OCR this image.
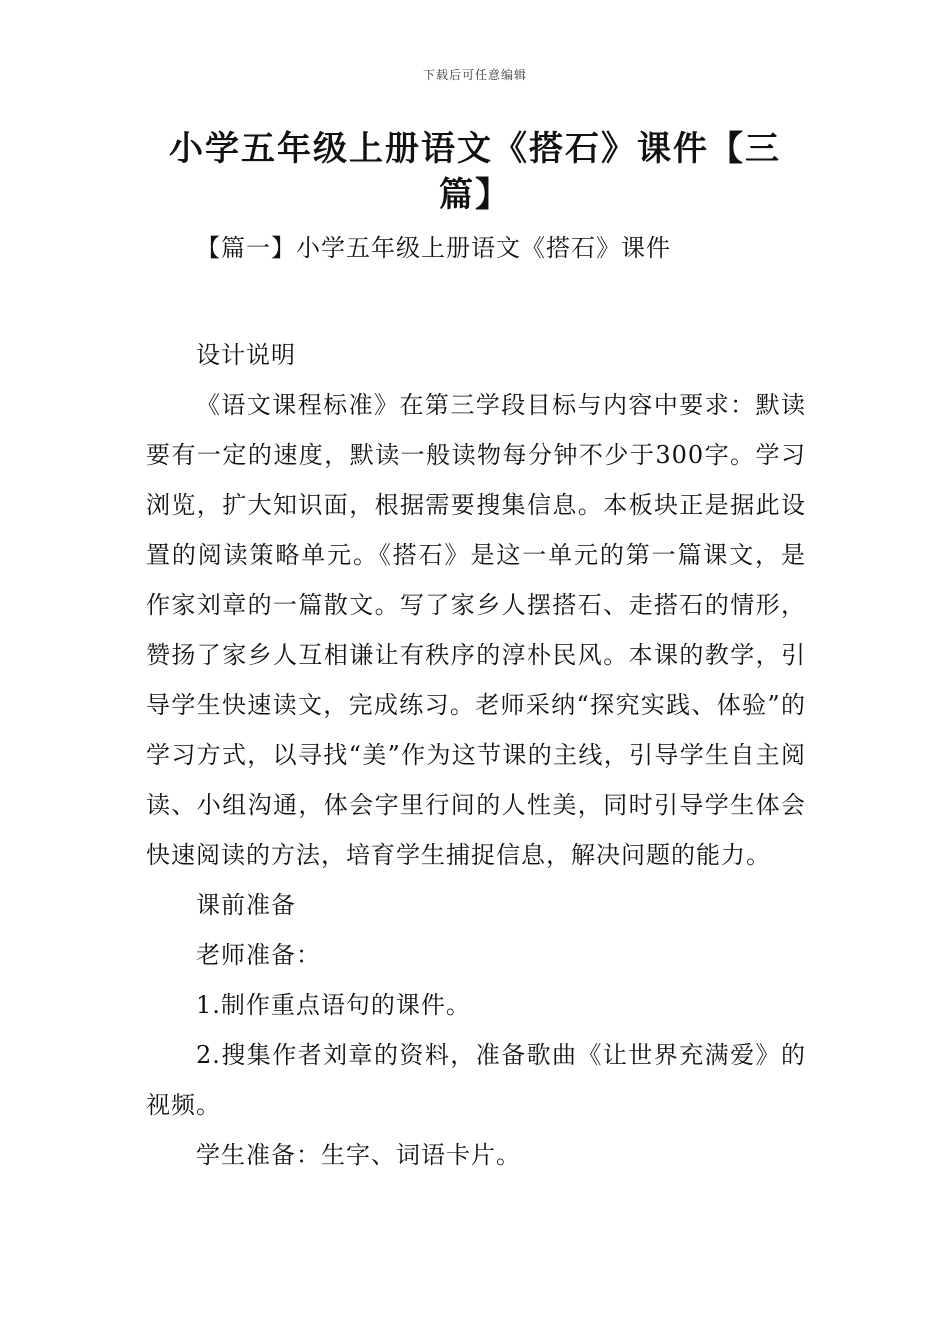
下载后可任意编辑
小学五年级上册语文《搭石》课件【三篇】
【篇一】小学五年级上册语文《搭石》课件

设计说明

《语文课程标准》在第三学段目标与内容中要求：默读要有一定的速度，默读一般读物每分钟不少于300字。学习浏览，扩大知识面，根据需要搜集信息。本板块正是据此设置的阅读策略单元。《搭石》是这一单元的第一篇课文，是作家刘章的一篇散文。写了家乡人摆搭石、走搭石的情形，赞扬了家乡人互相谦让有秩序的淳朴民风。本课的教学，引导学生快速读文，完成练习。老师采纳“探究实践、体验”的学习方式，以寻找“美”作为这节课的主线，引导学生自主阅读、小组沟通，体会字里行间的人性美，同时引导学生体会快速阅读的方法，培育学生捕捉信息，解决问题的能力。

课前准备

老师准备：

1.制作重点语句的课件。

2.搜集作者刘章的资料，准备歌曲《让世界充满爱》的视频。

学生准备：生字、词语卡片。
